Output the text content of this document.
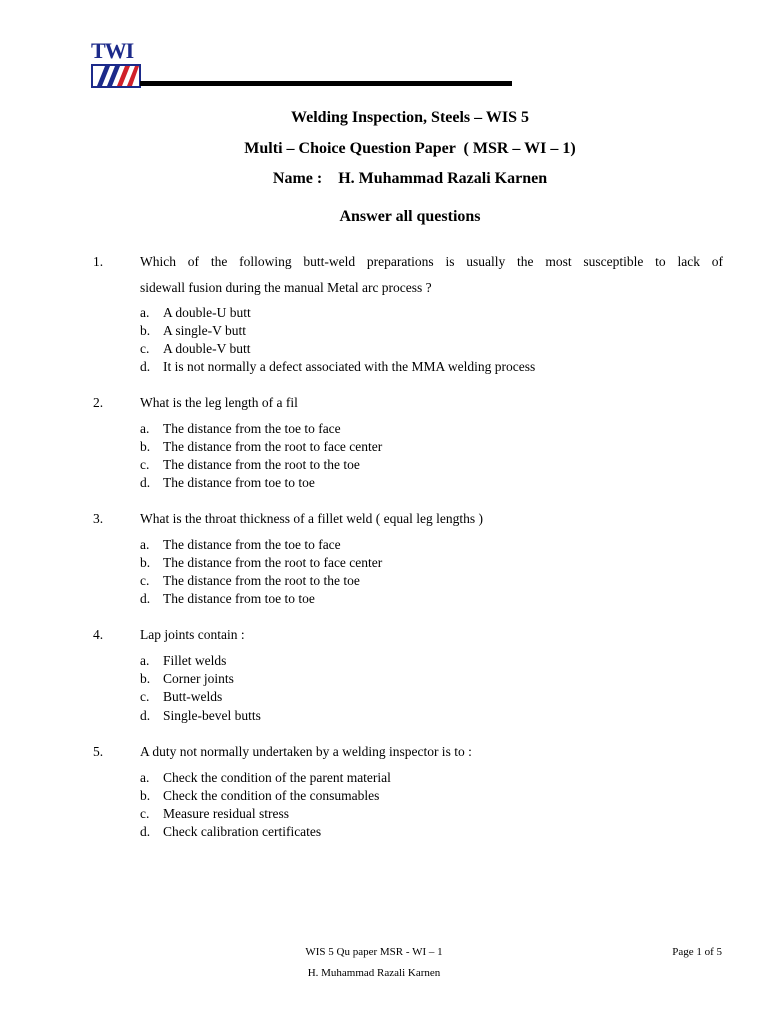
TWI
Welding Inspection, Steels – WIS 5
Multi – Choice Question Paper  ( MSR – WI – 1)
Name : H. Muhammad Razali Karnen
Answer all questions
1.	Which of the following butt-weld preparations is usually the most susceptible to lack of
sidewall fusion during the manual Metal arc process ?
a. A double-U butt
b. A single-V butt
c. A double-V butt
d. It is not normally a defect associated with the MMA welding process
2.	What is the leg length of a fil
a. The distance from the toe to face
b. The distance from the root to face center
c. The distance from the root to the toe
d. The distance from toe to toe
3.	What is the throat thickness of a fillet weld ( equal leg lengths )
a. The distance from the toe to face
b. The distance from the root to face center
c. The distance from the root to the toe
d. The distance from toe to toe
4.	Lap joints contain :
a. Fillet welds
b. Corner joints
c. Butt-welds
d. Single-bevel butts
5.	A duty not normally undertaken by a welding inspector is to :
a. Check the condition of the parent material
b. Check the condition of the consumables
c. Measure residual stress
d. Check calibration certificates
WIS 5 Qu paper MSR - WI – 1	Page 1 of 5
H. Muhammad Razali Karnen
